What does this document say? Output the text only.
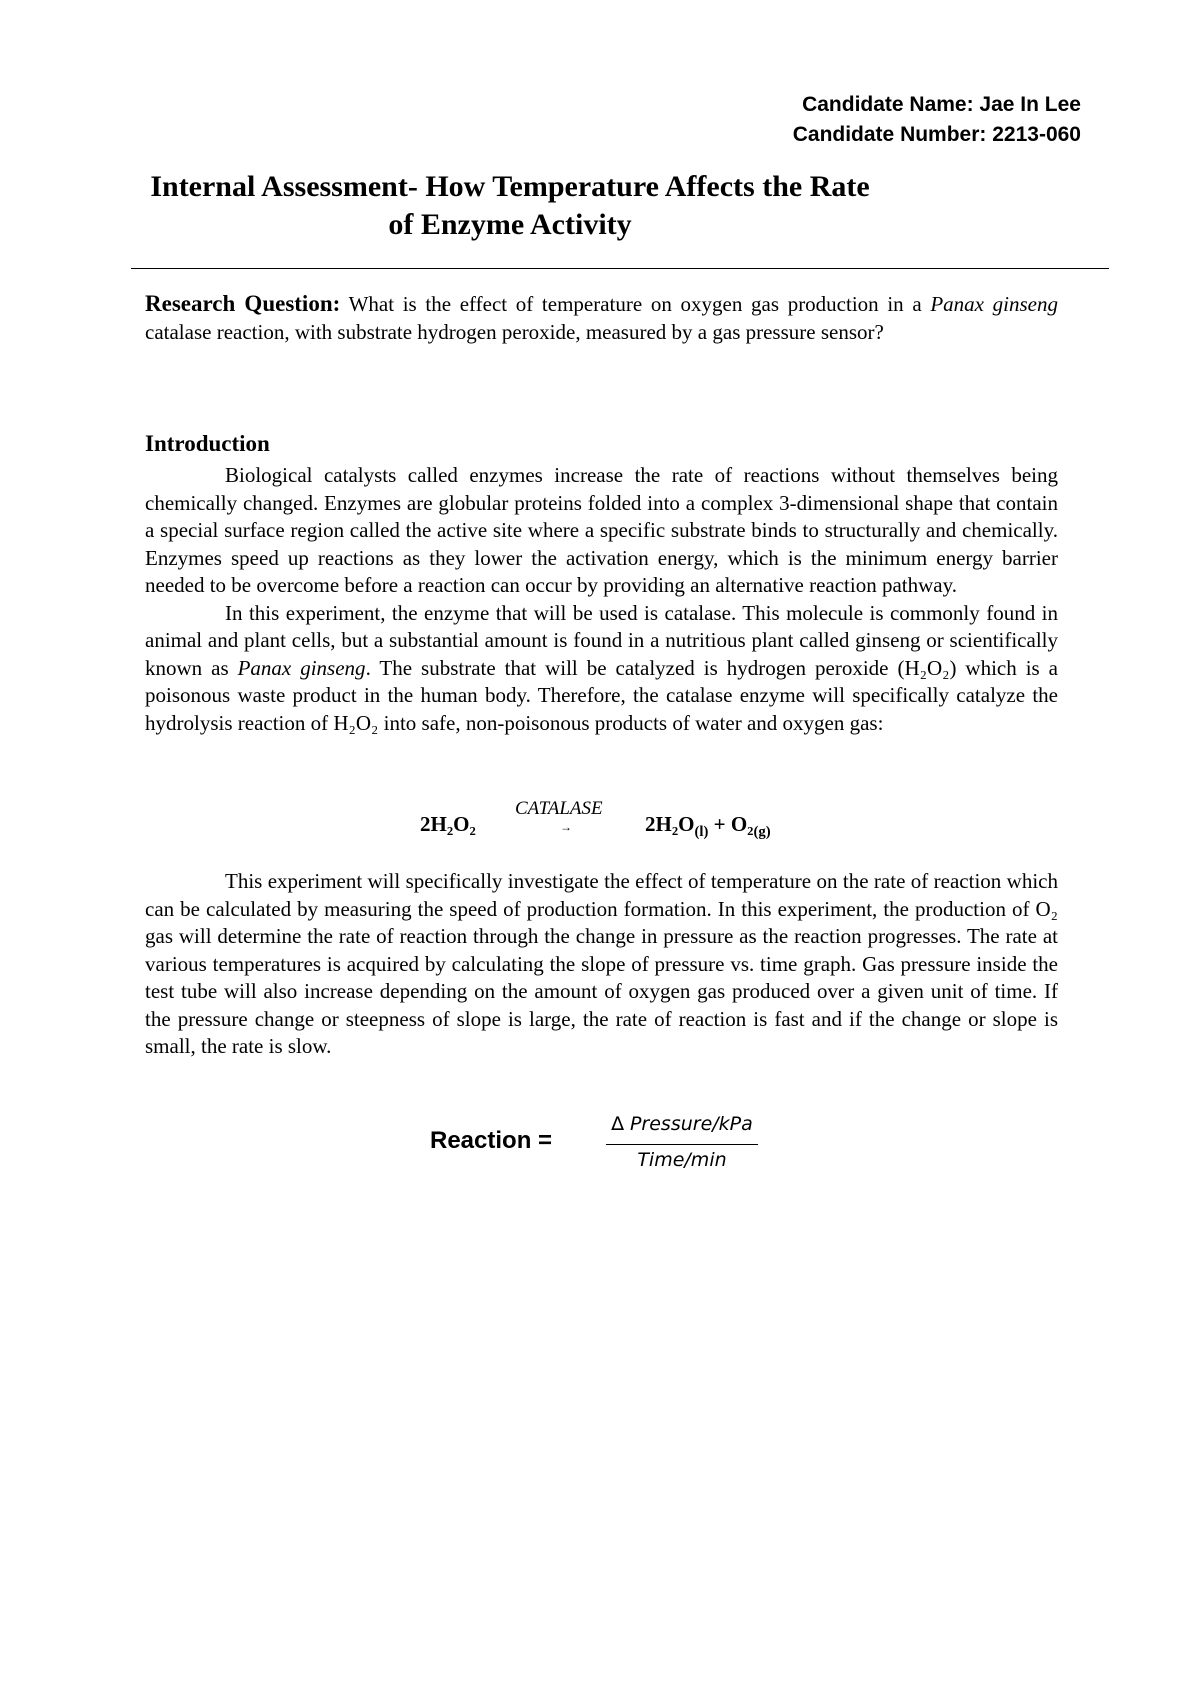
Candidate Name: Jae In Lee
Candidate Number: 2213-060
Internal Assessment- How Temperature Affects the Rate of Enzyme Activity
Research Question: What is the effect of temperature on oxygen gas production in a Panax ginseng catalase reaction, with substrate hydrogen peroxide, measured by a gas pressure sensor?
Introduction
Biological catalysts called enzymes increase the rate of reactions without themselves being chemically changed. Enzymes are globular proteins folded into a complex 3-dimensional shape that contain a special surface region called the active site where a specific substrate binds to structurally and chemically. Enzymes speed up reactions as they lower the activation energy, which is the minimum energy barrier needed to be overcome before a reaction can occur by providing an alternative reaction pathway.
In this experiment, the enzyme that will be used is catalase. This molecule is commonly found in animal and plant cells, but a substantial amount is found in a nutritious plant called ginseng or scientifically known as Panax ginseng. The substrate that will be catalyzed is hydrogen peroxide (H₂O₂) which is a poisonous waste product in the human body. Therefore, the catalase enzyme will specifically catalyze the hydrolysis reaction of H₂O₂ into safe, non-poisonous products of water and oxygen gas:
2H₂O₂
CATALASE
→	$2H_2O_{(l)} + O_2_{(g)}$
This experiment will specifically investigate the effect of temperature on the rate of reaction which can be calculated by measuring the speed of production formation. In this experiment, the production of O₂ gas will determine the rate of reaction through the change in pressure as the reaction progresses. The rate at various temperatures is acquired by calculating the slope of pressure vs. time graph. Gas pressure inside the test tube will also increase depending on the amount of oxygen gas produced over a given unit of time. If the pressure change or steepness of slope is large, the rate of reaction is fast and if the change or slope is small, the rate is slow.
Reaction =
∆ Pressure/kPa
Time/min
